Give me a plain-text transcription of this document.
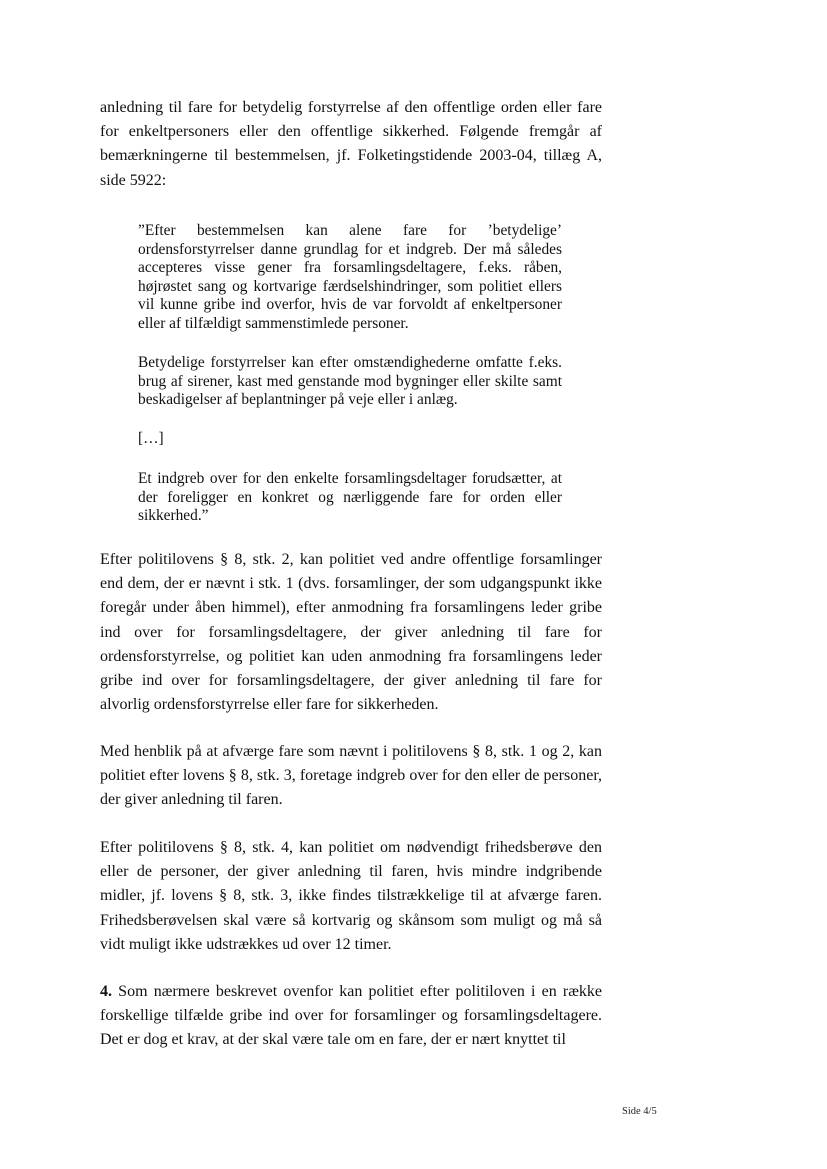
anledning til fare for betydelig forstyrrelse af den offentlige orden eller fare for enkeltpersoners eller den offentlige sikkerhed. Følgende fremgår af bemærkningerne til bestemmelsen, jf. Folketingstidende 2003-04, tillæg A, side 5922:

”Efter bestemmelsen kan alene fare for ’betydelige’ ordensforstyrrelser danne grundlag for et indgreb. Der må således accepteres visse gener fra forsamlingsdeltagere, f.eks. råben, højrøstet sang og kortvarige færdselshindringer, som politiet ellers vil kunne gribe ind overfor, hvis de var forvoldt af enkeltpersoner eller af tilfældigt sammenstimlede personer.

Betydelige forstyrrelser kan efter omstændighederne omfatte f.eks. brug af sirener, kast med genstande mod bygninger eller skilte samt beskadigelser af beplantninger på veje eller i anlæg.

[…]

Et indgreb over for den enkelte forsamlingsdeltager forudsætter, at der foreligger en konkret og nærliggende fare for orden eller sikkerhed.”

Efter politilovens § 8, stk. 2, kan politiet ved andre offentlige forsamlinger end dem, der er nævnt i stk. 1 (dvs. forsamlinger, der som udgangspunkt ikke foregår under åben himmel), efter anmodning fra forsamlingens leder gribe ind over for forsamlingsdeltagere, der giver anledning til fare for ordensforstyrrelse, og politiet kan uden anmodning fra forsamlingens leder gribe ind over for forsamlingsdeltagere, der giver anledning til fare for alvorlig ordensforstyrrelse eller fare for sikkerheden.

Med henblik på at afværge fare som nævnt i politilovens § 8, stk. 1 og 2, kan politiet efter lovens § 8, stk. 3, foretage indgreb over for den eller de personer, der giver anledning til faren.

Efter politilovens § 8, stk. 4, kan politiet om nødvendigt frihedsberøve den eller de personer, der giver anledning til faren, hvis mindre indgribende midler, jf. lovens § 8, stk. 3, ikke findes tilstrækkelige til at afværge faren. Frihedsberøvelsen skal være så kortvarig og skånsom som muligt og må så vidt muligt ikke udstrækkes ud over 12 timer.

4. Som nærmere beskrevet ovenfor kan politiet efter politiloven i en række forskellige tilfælde gribe ind over for forsamlinger og forsamlingsdeltagere. Det er dog et krav, at der skal være tale om en fare, der er nært knyttet til

Side 4/5
